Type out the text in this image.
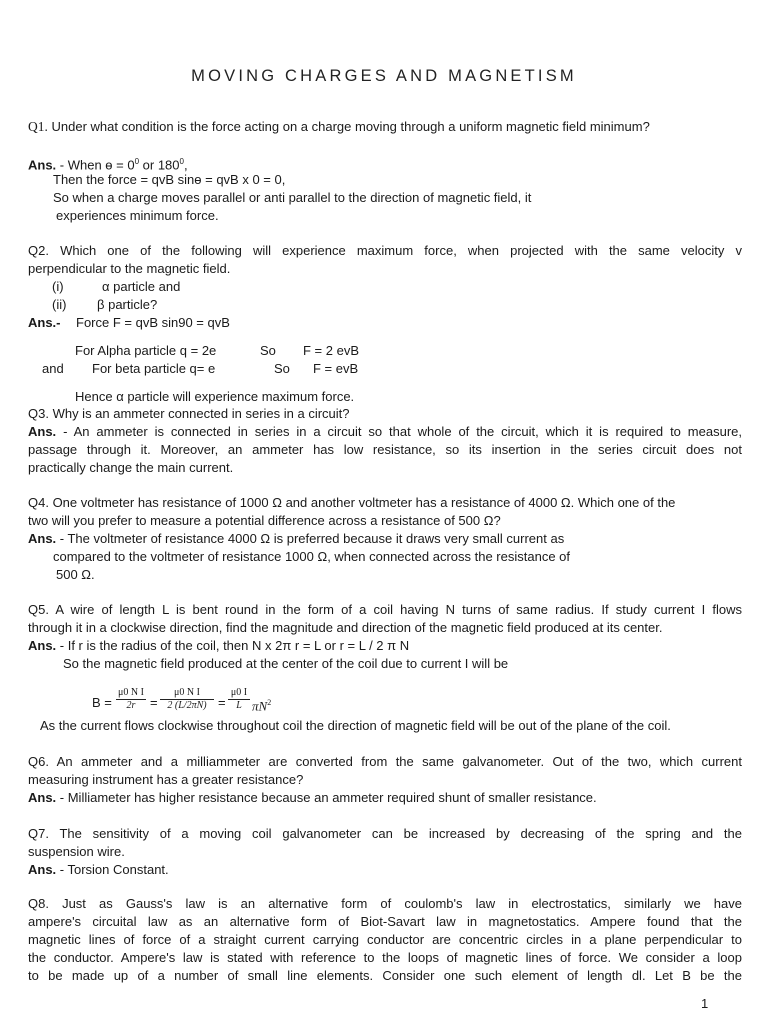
MOVING CHARGES AND MAGNETISM
Q1. Under what condition is the force acting on a charge moving through a uniform magnetic field minimum?
Ans. - When ɵ = $0^0$ or $180^0$,
Then the force = qvB sinɵ = qvB x 0 = 0,
So when a charge moves parallel or anti parallel to the direction of magnetic field, it
experiences minimum force.
Q2. Which one of the following will experience maximum force, when projected with the same velocity v
perpendicular to the magnetic field.
(i)	α particle and
(ii) β particle?
Ans.- Force F = qvB sin90 = qvB
For Alpha particle q = 2e	So F = 2 evB
and For beta particle q= e	So F = evB
Hence α particle will experience maximum force.
Q3. Why is an ammeter connected in series in a circuit?
Ans. - An ammeter is connected in series in a circuit so that whole of the circuit, which it is required to measure,
passage through it. Moreover, an ammeter has low resistance, so its insertion in the series circuit does not
practically change the main current.
Q4. One voltmeter has resistance of 1000 Ω and another voltmeter has a resistance of 4000 Ω. Which one of the
two will you prefer to measure a potential difference across a resistance of 500 Ω?
Ans. - The voltmeter of resistance 4000 Ω is preferred because it draws very small current as
compared to the voltmeter of resistance 1000 Ω, when connected across the resistance of
500 Ω.
Q5. A wire of length L is bent round in the form of a coil having N turns of same radius. If study current I flows
through it in a clockwise direction, find the magnitude and direction of the magnetic field produced at its center.
Ans. - If r is the radius of the coil, then N x 2π r = L or r = L / 2 π N
So the magnetic field produced at the center of the coil due to current I will be
$B = \frac{\text{μ0 N I}}{2r} = \frac{\text{μ0 N I}}{2 (L/2\pi N)} = \frac{\mu 0 I}{L} \pi N^2$
As the current flows clockwise throughout coil the direction of magnetic field will be out of the plane of the coil.
Q6. An ammeter and a milliammeter are converted from the same galvanometer. Out of the two, which current
measuring instrument has a greater resistance?
Ans. - Milliameter has higher resistance because an ammeter required shunt of smaller resistance.
Q7. The sensitivity of a moving coil galvanometer can be increased by decreasing of the spring and the
suspension wire.
Ans. - Torsion Constant.
Q8. Just as Gauss's law is an alternative form of coulomb's law in electrostatics, similarly we have
ampere's circuital law as an alternative form of Biot-Savart law in magnetostatics. Ampere found that the
magnetic lines of force of a straight current carrying conductor are concentric circles in a plane perpendicular to
the conductor. Ampere's law is stated with reference to the loops of magnetic lines of force. We consider a loop
to be made up of a number of small line elements. Consider one such element of length dl. Let B be the
1
